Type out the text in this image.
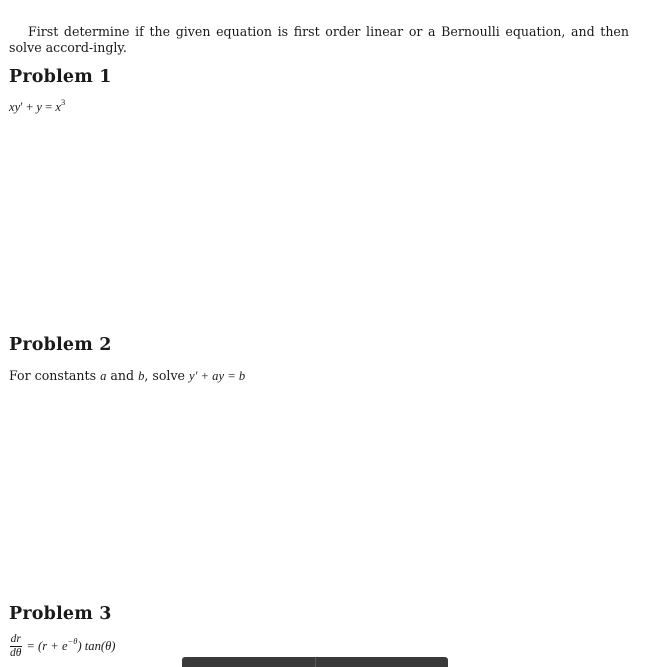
First determine if the given equation is first order linear or a Bernoulli equation, and then solve accord-ingly.

Problem 1
$xy' + y = x^3$
Problem 2
For constants a and b, solve y′ + ay = b
Problem 3
$\frac{dr}{d\theta} = (r + e^{-\theta})$ tan(θ)
